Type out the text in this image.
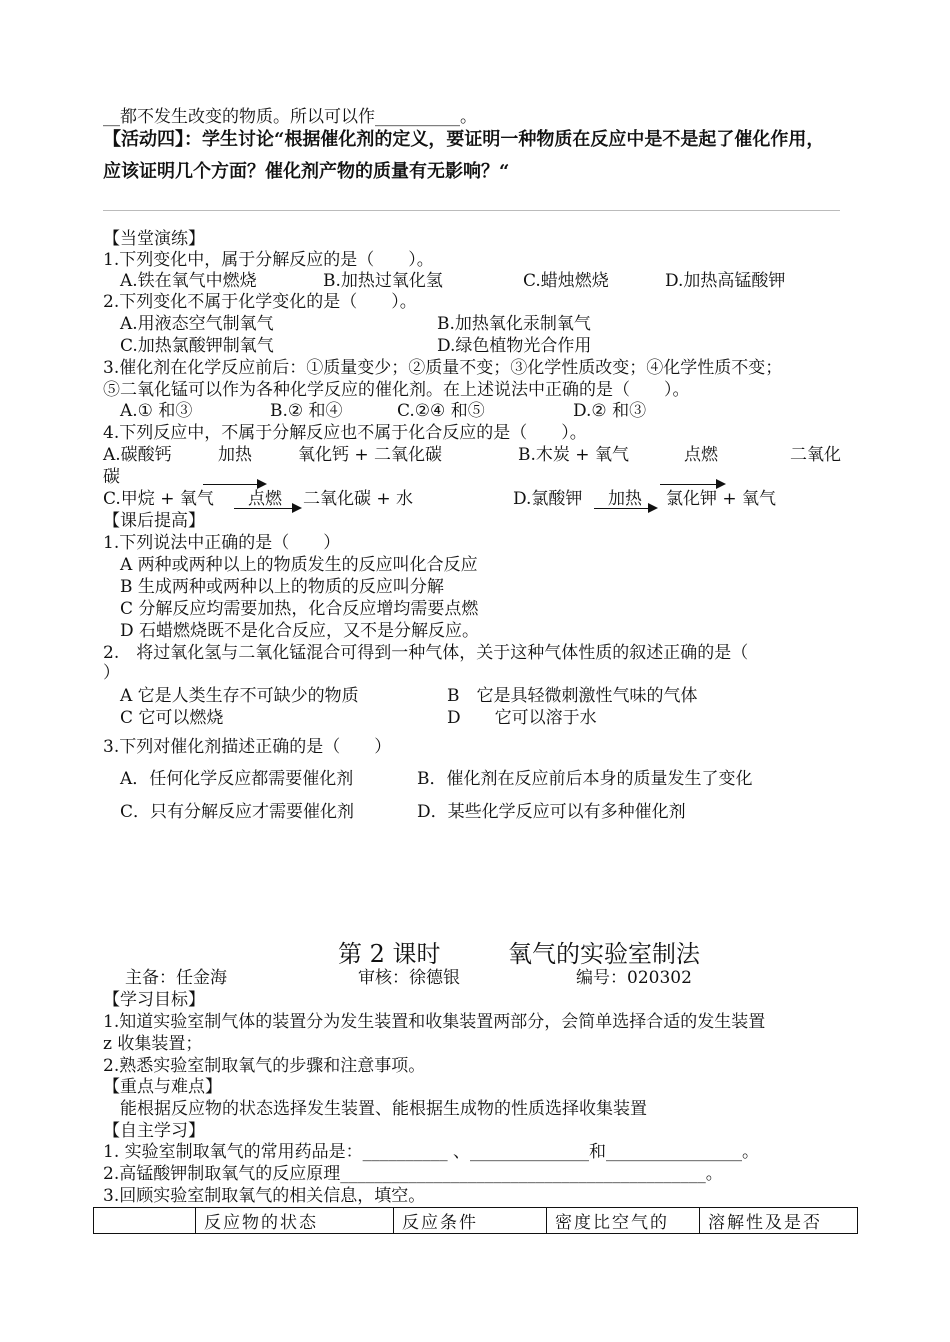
__都不发生改变的物质。所以可以作__________。
【活动四】：学生讨论“根据催化剂的定义，要证明一种物质在反应中是不是起了催化作用，
应该证明几个方面？催化剂产物的质量有无影响？“
【当堂演练】
1.下列变化中，属于分解反应的是（　　）。
A.铁在氧气中燃烧	B.加热过氧化氢	C.蜡烛燃烧	D.加热高锰酸钾
2.下列变化不属于化学变化的是（　　）。
A.用液态空气制氧气	B.加热氧化汞制氧气
C.加热氯酸钾制氧气	D.绿色植物光合作用
3.催化剂在化学反应前后：①质量变少；②质量不变；③化学性质改变；④化学性质不变；
⑤二氧化锰可以作为各种化学反应的催化剂。在上述说法中正确的是（　　）。
A.① 和③	B.② 和④	C.②④ 和⑤	D.② 和③
4.下列反应中，不属于分解反应也不属于化合反应的是（　　）。
A.碳酸钙	加热	氧化钙 + 二氧化碳	B.木炭 + 氧气	点燃	二氧化
碳
C.甲烷 + 氧气 点燃 → 二氧化碳 + 水	D.氯酸钾 加热 → 氯化钾 + 氧气
【课后提高】
1.下列说法中正确的是（　　）
A 两种或两种以上的物质发生的反应叫化合反应
B 生成两种或两种以上的物质的反应叫分解
C 分解反应均需要加热，化合反应增均需要点燃
D 石蜡燃烧既不是化合反应，又不是分解反应。
2.　将过氧化氢与二氧化锰混合可得到一种气体，关于这种气体性质的叙述正确的是（
）
A 它是人类生存不可缺少的物质	B　它是具轻微刺激性气味的气体
C 它可以燃烧	D　　它可以溶于水
3.下列对催化剂描述正确的是（　　）
A．任何化学反应都需要催化剂	B．催化剂在反应前后本身的质量发生了变化
C．只有分解反应才需要催化剂	D．某些化学反应可以有多种催化剂
第 2 课时	氧气的实验室制法
主备：任金海	审核：徐德银	编号：020302
【学习目标】
1.知道实验室制气体的装置分为发生装置和收集装置两部分，会简单选择合适的发生装置
z 收集装置；
2.熟悉实验室制取氧气的步骤和注意事项。
【重点与难点】
能根据反应物的状态选择发生装置、能根据生成物的性质选择收集装置
【自主学习】
1. 实验室制取氧气的常用药品是：__________ 、______________和________________。
2.高锰酸钾制取氧气的反应原理___________________________________________。
3.回顾实验室制取氧气的相关信息，填空。
	反应物的状态	反应条件	密度比空气的	溶解性及是否
